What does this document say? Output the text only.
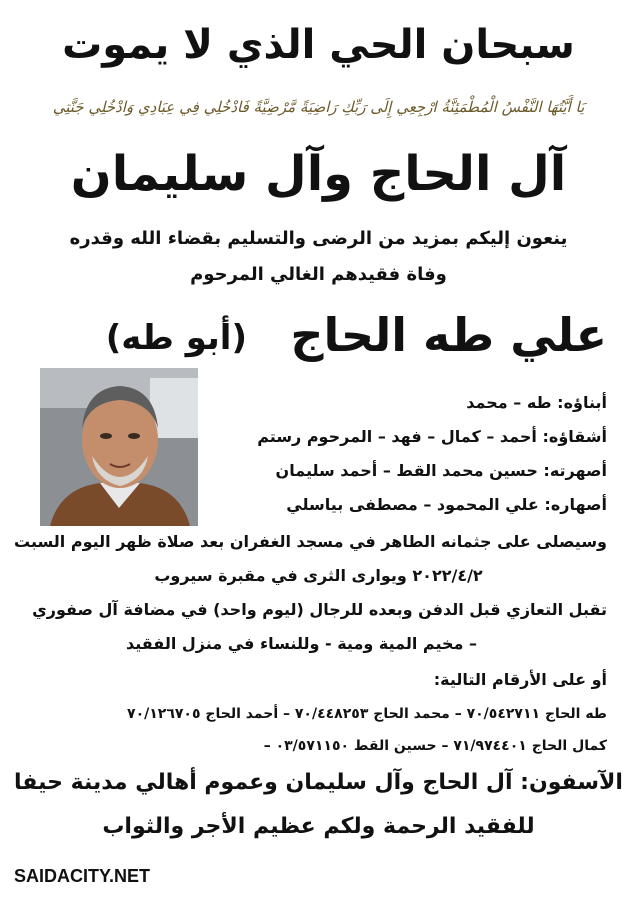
سبحان الحي الذي لا يموت
يَا أَيَّتُهَا النَّفْسُ الْمُطْمَئِنَّةُ ارْجِعِي إِلَى رَبِّكِ رَاضِيَةً مَّرْضِيَّةً فَادْخُلِي فِي عِبَادِي وَادْخُلِي جَنَّتِي
آل الحاج وآل سليمان
ينعون إليكم بمزيد من الرضى والتسليم بقضاء الله وقدره
وفاة فقيدهم الغالي المرحوم
علي طه الحاج
(أبو طه)
أبناؤه: طه – محمد
أشقاؤه: أحمد – كمال – فهد – المرحوم رستم
أصهرته: حسين محمد القط – أحمد سليمان
أصهاره: علي المحمود – مصطفى بياسلي
وسيصلى على جثمانه الطاهر في مسجد الغفران بعد صلاة ظهر اليوم السبت
٢٠٢٢/٤/٢ ويوارى الثرى في مقبرة سيروب
تقبل التعازي قبل الدفن وبعده للرجال (ليوم واحد) في مضافة آل صفوري
– مخيم المية ومية - وللنساء في منزل الفقيد
أو على الأرقام التالية:
طه الحاج ٧٠/٥٤٢٧١١ – محمد الحاج ٧٠/٤٤٨٢٥٣ – أحمد الحاج ٧٠/١٢٦٧٠٥
كمال الحاج ٧١/٩٧٤٤٠١ – حسين القط ٠٣/٥٧١١٥٠ –
الآسفون: آل الحاج وآل سليمان وعموم أهالي مدينة حيفا
للفقيد الرحمة ولكم عظيم الأجر والثواب
SAIDACITY.NET
